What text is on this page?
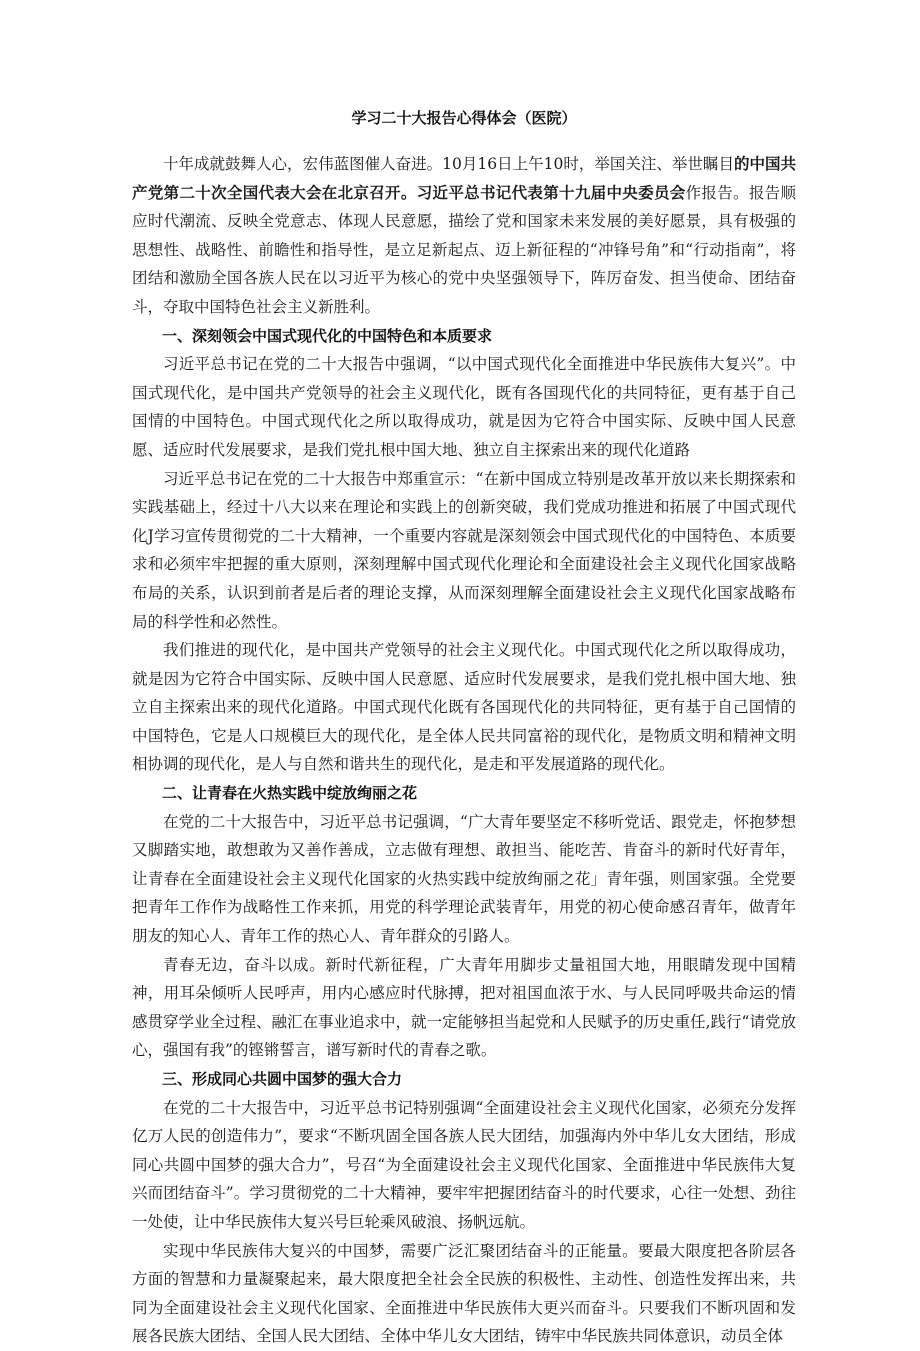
学习二十大报告心得体会（医院）

十年成就鼓舞人心，宏伟蓝图催人奋进。10月16日上午10时，举国关注、举世瞩目的中国共产党第二十次全国代表大会在北京召开。习近平总书记代表第十九届中央委员会作报告。报告顺应时代潮流、反映全党意志、体现人民意愿，描绘了党和国家未来发展的美好愿景，具有极强的思想性、战略性、前瞻性和指导性，是立足新起点、迈上新征程的“冲锋号角”和“行动指南”，将团结和激励全国各族人民在以习近平为核心的党中央坚强领导下，阵厉奋发、担当使命、团结奋斗，夺取中国特色社会主义新胜利。

一、深刻领会中国式现代化的中国特色和本质要求

习近平总书记在党的二十大报告中强调，“以中国式现代化全面推进中华民族伟大复兴”。中国式现代化，是中国共产党领导的社会主义现代化，既有各国现代化的共同特征，更有基于自己国情的中国特色。中国式现代化之所以取得成功，就是因为它符合中国实际、反映中国人民意愿、适应时代发展要求，是我们党扎根中国大地、独立自主探索出来的现代化道路

习近平总书记在党的二十大报告中郑重宣示：“在新中国成立特别是改革开放以来长期探索和实践基础上，经过十八大以来在理论和实践上的创新突破，我们党成功推进和拓展了中国式现代化J学习宣传贯彻党的二十大精神，一个重要内容就是深刻领会中国式现代化的中国特色、本质要求和必须牢牢把握的重大原则，深刻理解中国式现代化理论和全面建设社会主义现代化国家战略布局的关系，认识到前者是后者的理论支撑，从而深刻理解全面建设社会主义现代化国家战略布局的科学性和必然性。

我们推进的现代化，是中国共产党领导的社会主义现代化。中国式现代化之所以取得成功，就是因为它符合中国实际、反映中国人民意愿、适应时代发展要求，是我们党扎根中国大地、独立自主探索出来的现代化道路。中国式现代化既有各国现代化的共同特征，更有基于自己国情的中国特色，它是人口规模巨大的现代化，是全体人民共同富裕的现代化，是物质文明和精神文明相协调的现代化，是人与自然和谐共生的现代化，是走和平发展道路的现代化。

二、让青春在火热实践中绽放绚丽之花

在党的二十大报告中，习近平总书记强调，“广大青年要坚定不移听党话、跟党走，怀抱梦想又脚踏实地，敢想敢为又善作善成，立志做有理想、敢担当、能吃苦、肯奋斗的新时代好青年，让青春在全面建设社会主义现代化国家的火热实践中绽放绚丽之花」青年强，则国家强。全党要把青年工作作为战略性工作来抓，用党的科学理论武装青年，用党的初心使命感召青年，做青年朋友的知心人、青年工作的热心人、青年群众的引路人。

青春无边，奋斗以成。新时代新征程，广大青年用脚步丈量祖国大地，用眼睛发现中国精神，用耳朵倾听人民呼声，用内心感应时代脉搏，把对祖国血浓于水、与人民同呼吸共命运的情感贯穿学业全过程、融汇在事业追求中，就一定能够担当起党和人民赋予的历史重任,践行“请党放心，强国有我”的铿锵誓言，谱写新时代的青春之歌。

三、形成同心共圆中国梦的强大合力

在党的二十大报告中，习近平总书记特别强调“全面建设社会主义现代化国家，必须充分发挥亿万人民的创造伟力”，要求“不断巩固全国各族人民大团结，加强海内外中华儿女大团结，形成同心共圆中国梦的强大合力”，号召“为全面建设社会主义现代化国家、全面推进中华民族伟大复兴而团结奋斗”。学习贯彻党的二十大精神，要牢牢把握团结奋斗的时代要求，心往一处想、劲往一处使，让中华民族伟大复兴号巨轮乘风破浪、扬帆远航。

实现中华民族伟大复兴的中国梦，需要广泛汇聚团结奋斗的正能量。要最大限度把各阶层各方面的智慧和力量凝聚起来，最大限度把全社会全民族的积极性、主动性、创造性发挥出来，共同为全面建设社会主义现代化国家、全面推进中华民族伟大更兴而奋斗。只要我们不断巩固和发展各民族大团结、全国人民大团结、全体中华儿女大团结，铸牢中华民族共同体意识，动员全体
